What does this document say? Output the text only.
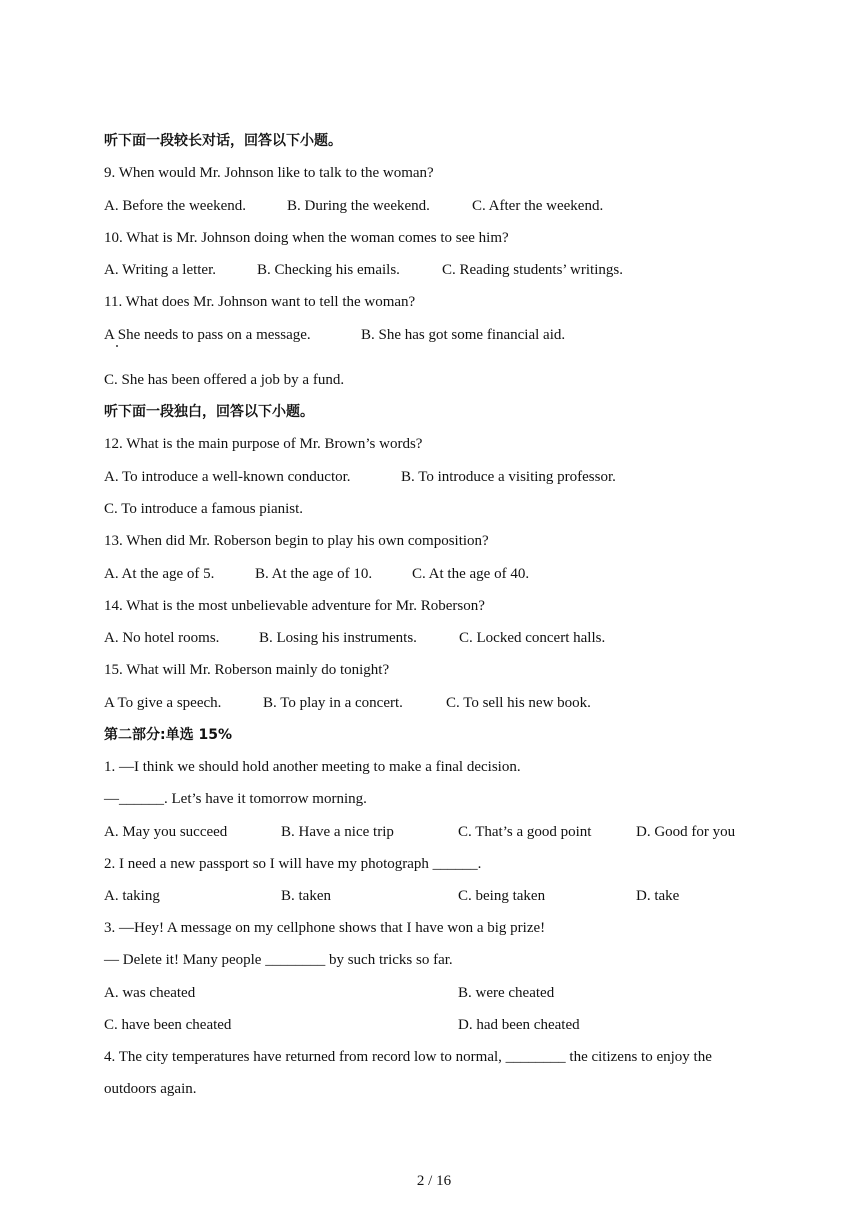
听下面一段较长对话，回答以下小题。
9. When would Mr. Johnson like to talk to the woman?
A. Before the weekend.	B. During the weekend.	C. After the weekend.
10. What is Mr. Johnson doing when the woman comes to see him?
A. Writing a letter.	B. Checking his emails.	C. Reading students’ writings.
11. What does Mr. Johnson want to tell the woman?
A She needs to pass on a message.	B. She has got some financial aid.
C. She has been offered a job by a fund.
听下面一段独白，回答以下小题。
12. What is the main purpose of Mr. Brown’s words?
A. To introduce a well-known conductor.	B. To introduce a visiting professor.
C. To introduce a famous pianist.
13. When did Mr. Roberson begin to play his own composition?
A. At the age of 5.	B. At the age of 10.	C. At the age of 40.
14. What is the most unbelievable adventure for Mr. Roberson?
A. No hotel rooms.	B. Losing his instruments.	C. Locked concert halls.
15. What will Mr. Roberson mainly do tonight?
A To give a speech.	B. To play in a concert.	C. To sell his new book.
第二部分:单选 15%
1. —I think we should hold another meeting to make a final decision.
—______. Let’s have it tomorrow morning.
A. May you succeed	B. Have a nice trip	C. That’s a good point	D. Good for you
2. I need a new passport so I will have my photograph ______.
A. taking	B. taken	C. being taken	D. take
3. —Hey! A message on my cellphone shows that I have won a big prize!
— Delete it! Many people ________ by such tricks so far.
A. was cheated	B. were cheated
C. have been cheated	D. had been cheated
4. The city temperatures have returned from record low to normal, ________ the citizens to enjoy the
outdoors again.
2 / 16
